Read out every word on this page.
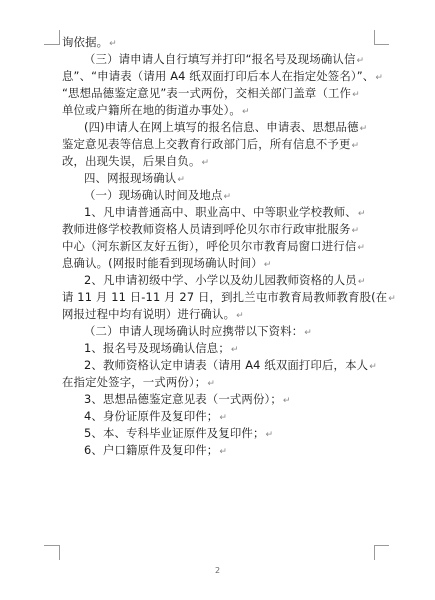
询依据。↵
（三）请申请人自行填写并打印“报名号及现场确认信↵
息”、“申请表（请用 A4 纸双面打印后本人在指定处签名）”、↵
“思想品德鉴定意见”表一式两份，交相关部门盖章（工作↵
单位或户籍所在地的街道办事处）。↵
(四)申请人在网上填写的报名信息、申请表、思想品德↵
鉴定意见表等信息上交教育行政部门后，所有信息不予更↵
改，出现失误，后果自负。↵
四、网报现场确认↵
（一）现场确认时间及地点↵
1、凡申请普通高中、职业高中、中等职业学校教师、↵
教师进修学校教师资格人员请到呼伦贝尔市行政审批服务↵
中心（河东新区友好五街），呼伦贝尔市教育局窗口进行信↵
息确认。(网报时能看到现场确认时间）↵
2、凡申请初级中学、小学以及幼儿园教师资格的人员↵
请 11 月 11 日-11 月 27 日，到扎兰屯市教育局教师教育股(在↵
网报过程中均有说明）进行确认。↵
（二）申请人现场确认时应携带以下资料：↵
1、报名号及现场确认信息；↵
2、教师资格认定申请表（请用 A4 纸双面打印后，本人↵
在指定处签字，一式两份）；↵
3、思想品德鉴定意见表（一式两份）；↵
4、身份证原件及复印件；↵
5、本、专科毕业证原件及复印件；↵
6、户口籍原件及复印件；↵
2
